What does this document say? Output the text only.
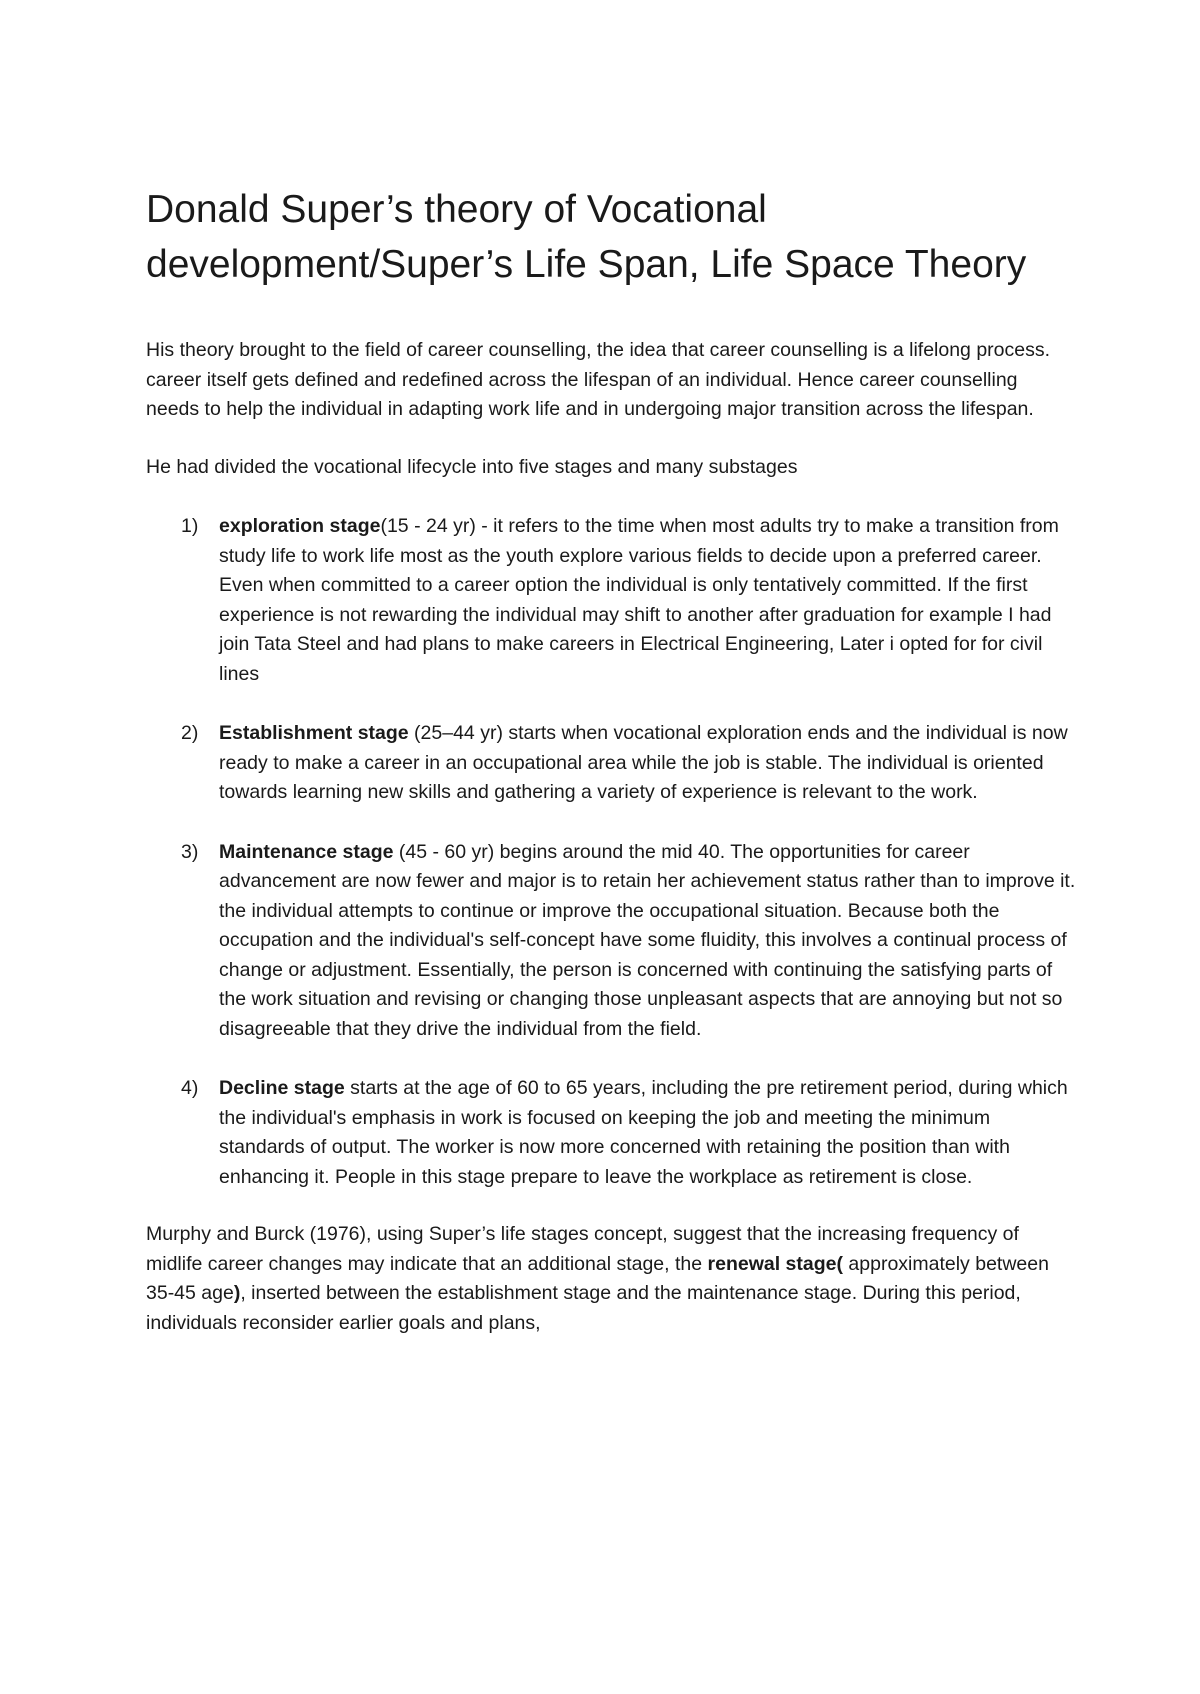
Donald Super’s theory of Vocational development/Super’s Life Span, Life Space Theory

His theory brought to the field of career counselling, the idea that career counselling is a lifelong process. career itself gets defined and redefined across the lifespan of an individual. Hence career counselling needs to help the individual in adapting work life and in undergoing major transition across the lifespan.

He had divided the vocational lifecycle into five stages and many substages

1) exploration stage(15 - 24 yr) - it refers to the time when most adults try to make a transition from study life to work life most as the youth explore various fields to decide upon a preferred career. Even when committed to a career option the individual is only tentatively committed. If the first experience is not rewarding the individual may shift to another after graduation for example I had join Tata Steel and had plans to make careers in Electrical Engineering, Later i opted for for civil lines
2) Establishment stage (25–44 yr) starts when vocational exploration ends and the individual is now ready to make a career in an occupational area while the job is stable. The individual is oriented towards learning new skills and gathering a variety of experience is relevant to the work.
3) Maintenance stage (45 - 60 yr) begins around the mid 40. The opportunities for career advancement are now fewer and major is to retain her achievement status rather than to improve it. the individual attempts to continue or improve the occupational situation. Because both the occupation and the individual's self-concept have some fluidity, this involves a continual process of change or adjustment. Essentially, the person is concerned with continuing the satisfying parts of the work situation and revising or changing those unpleasant aspects that are annoying but not so disagreeable that they drive the individual from the field.
4) Decline stage starts at the age of 60 to 65 years, including the pre retirement period, during which the individual's emphasis in work is focused on keeping the job and meeting the minimum standards of output. The worker is now more concerned with retaining the position than with enhancing it. People in this stage prepare to leave the workplace as retirement is close.

Murphy and Burck (1976), using Super’s life stages concept, suggest that the increasing frequency of midlife career changes may indicate that an additional stage, the renewal stage( approximately between 35-45 age), inserted between the establishment stage and the maintenance stage. During this period, individuals reconsider earlier goals and plans,
